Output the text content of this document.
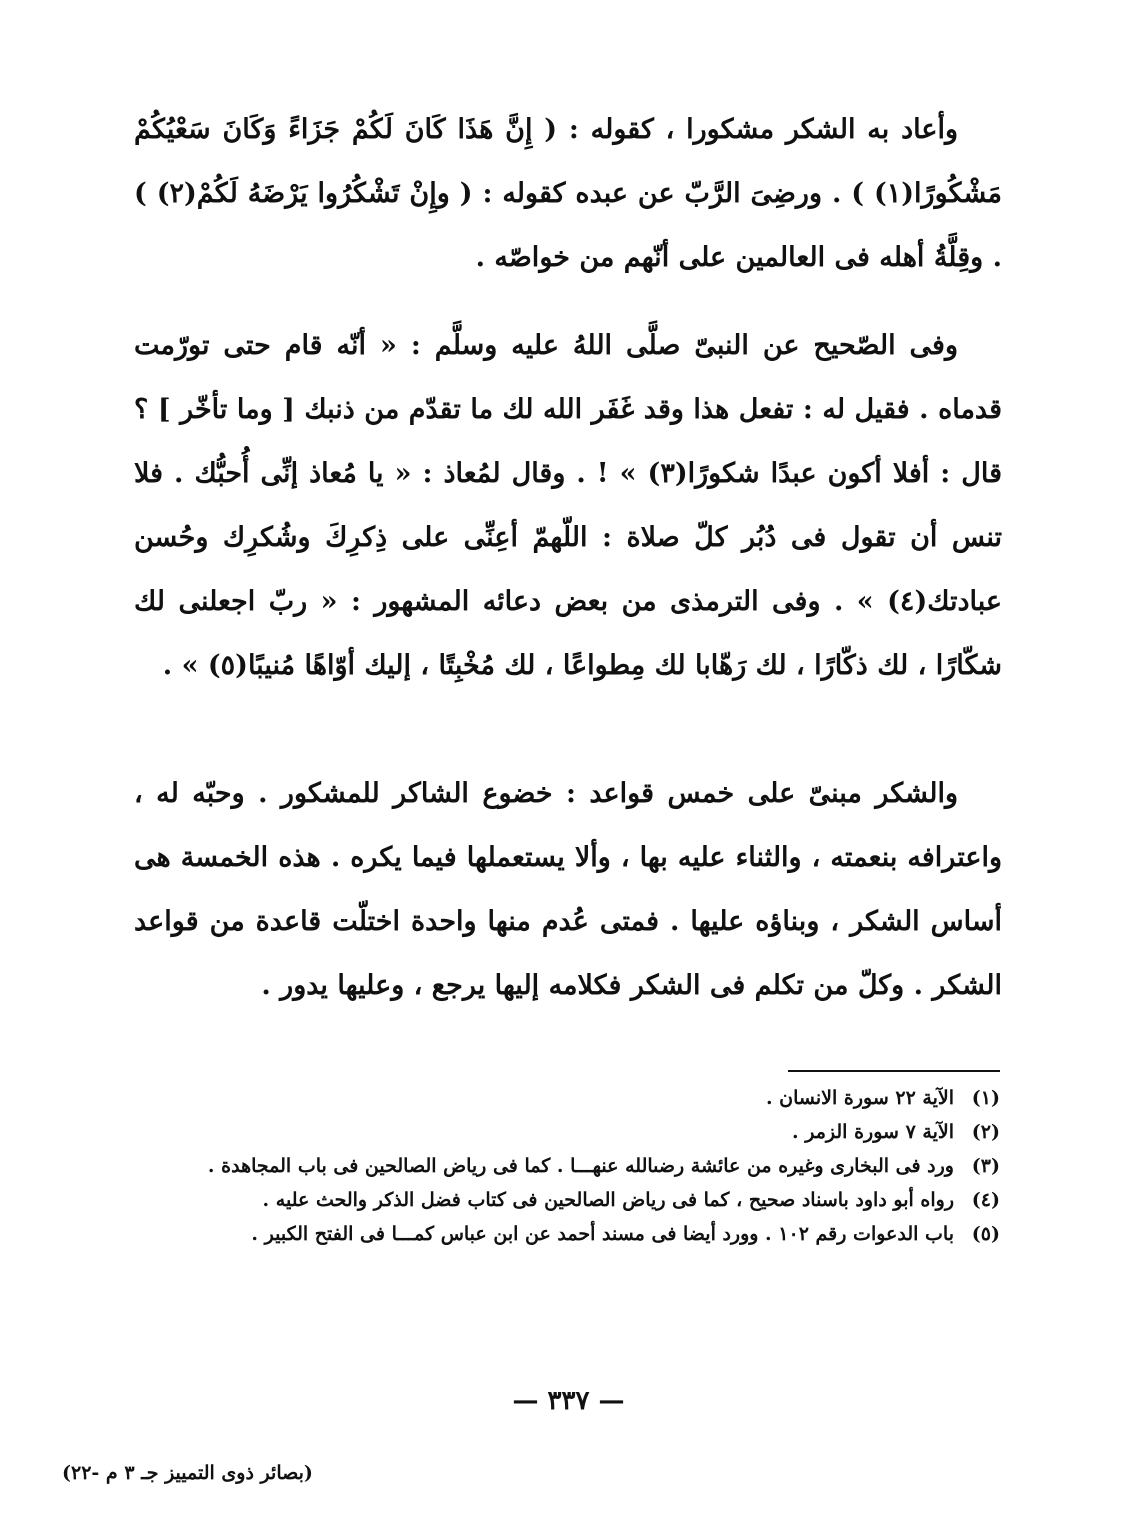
وأعاد به الشكر مشكورا ، كقوله : ( إِنَّ هَذَا كَانَ لَكُمْ جَزَاءً وَكَانَ سَعْيُكُمْ مَشْكُورًا(١) ) . ورضِىَ الرَّبّ عن عبده كقوله : ( وإِنْ تَشْكُرُوا يَرْضَهُ لَكُمْ(٢) ) . وقِلَّةُ أهله فى العالمين على أنّهم من خواصّه .

وفى الصّحيح عن النبىّ صلَّى اللهُ عليه وسلَّم : « أنّه قام حتى تورّمت قدماه . فقيل له : تفعل هذا وقد غَفَر الله لك ما تقدّم من ذنبك [ وما تأخّر ] ؟ قال : أفلا أكون عبدًا شكورًا(٣) » ! . وقال لمُعاذ : « يا مُعاذ إنِّى أُحبُّك . فلا تنس أن تقول فى دُبُر كلّ صلاة : اللّهمّ أعِنِّى على ذِكرِكَ وشُكرِك وحُسن عبادتك(٤) » . وفى الترمذى من بعض دعائه المشهور : « ربّ اجعلنى لك شكّارًا ، لك ذكّارًا ، لك رَهّابا لك مِطواعًا ، لك مُخْبِتًا ، إليك أوّاهًا مُنيبًا(٥) » .

والشكر مبنىّ على خمس قواعد : خضوع الشاكر للمشكور . وحبّه له ، واعترافه بنعمته ، والثناء عليه بها ، وألا يستعملها فيما يكره . هذه الخمسة هى أساس الشكر ، وبناؤه عليها . فمتى عُدم منها واحدة اختلّت قاعدة من قواعد الشكر . وكلّ من تكلم فى الشكر فكلامه إليها يرجع ، وعليها يدور .

(١)الآية ٢٢ سورة الانسان .
(٢)الآية ٧ سورة الزمر .
(٣)ورد فى البخارى وغيره من عائشة رضىالله عنهـــا . كما فى رياض الصالحين فى باب المجاهدة .
(٤)رواه أبو داود باسناد صحيح ، كما فى رياض الصالحين فى كتاب فضل الذكر والحث عليه .
(٥)باب الدعوات رقم ١٠٢ . وورد أيضا فى مسند أحمد عن ابن عباس كمـــا فى الفتح الكبير .
— ٣٣٧ —
(بصائر ذوى التمييز جـ ٣ م -٢٢)
